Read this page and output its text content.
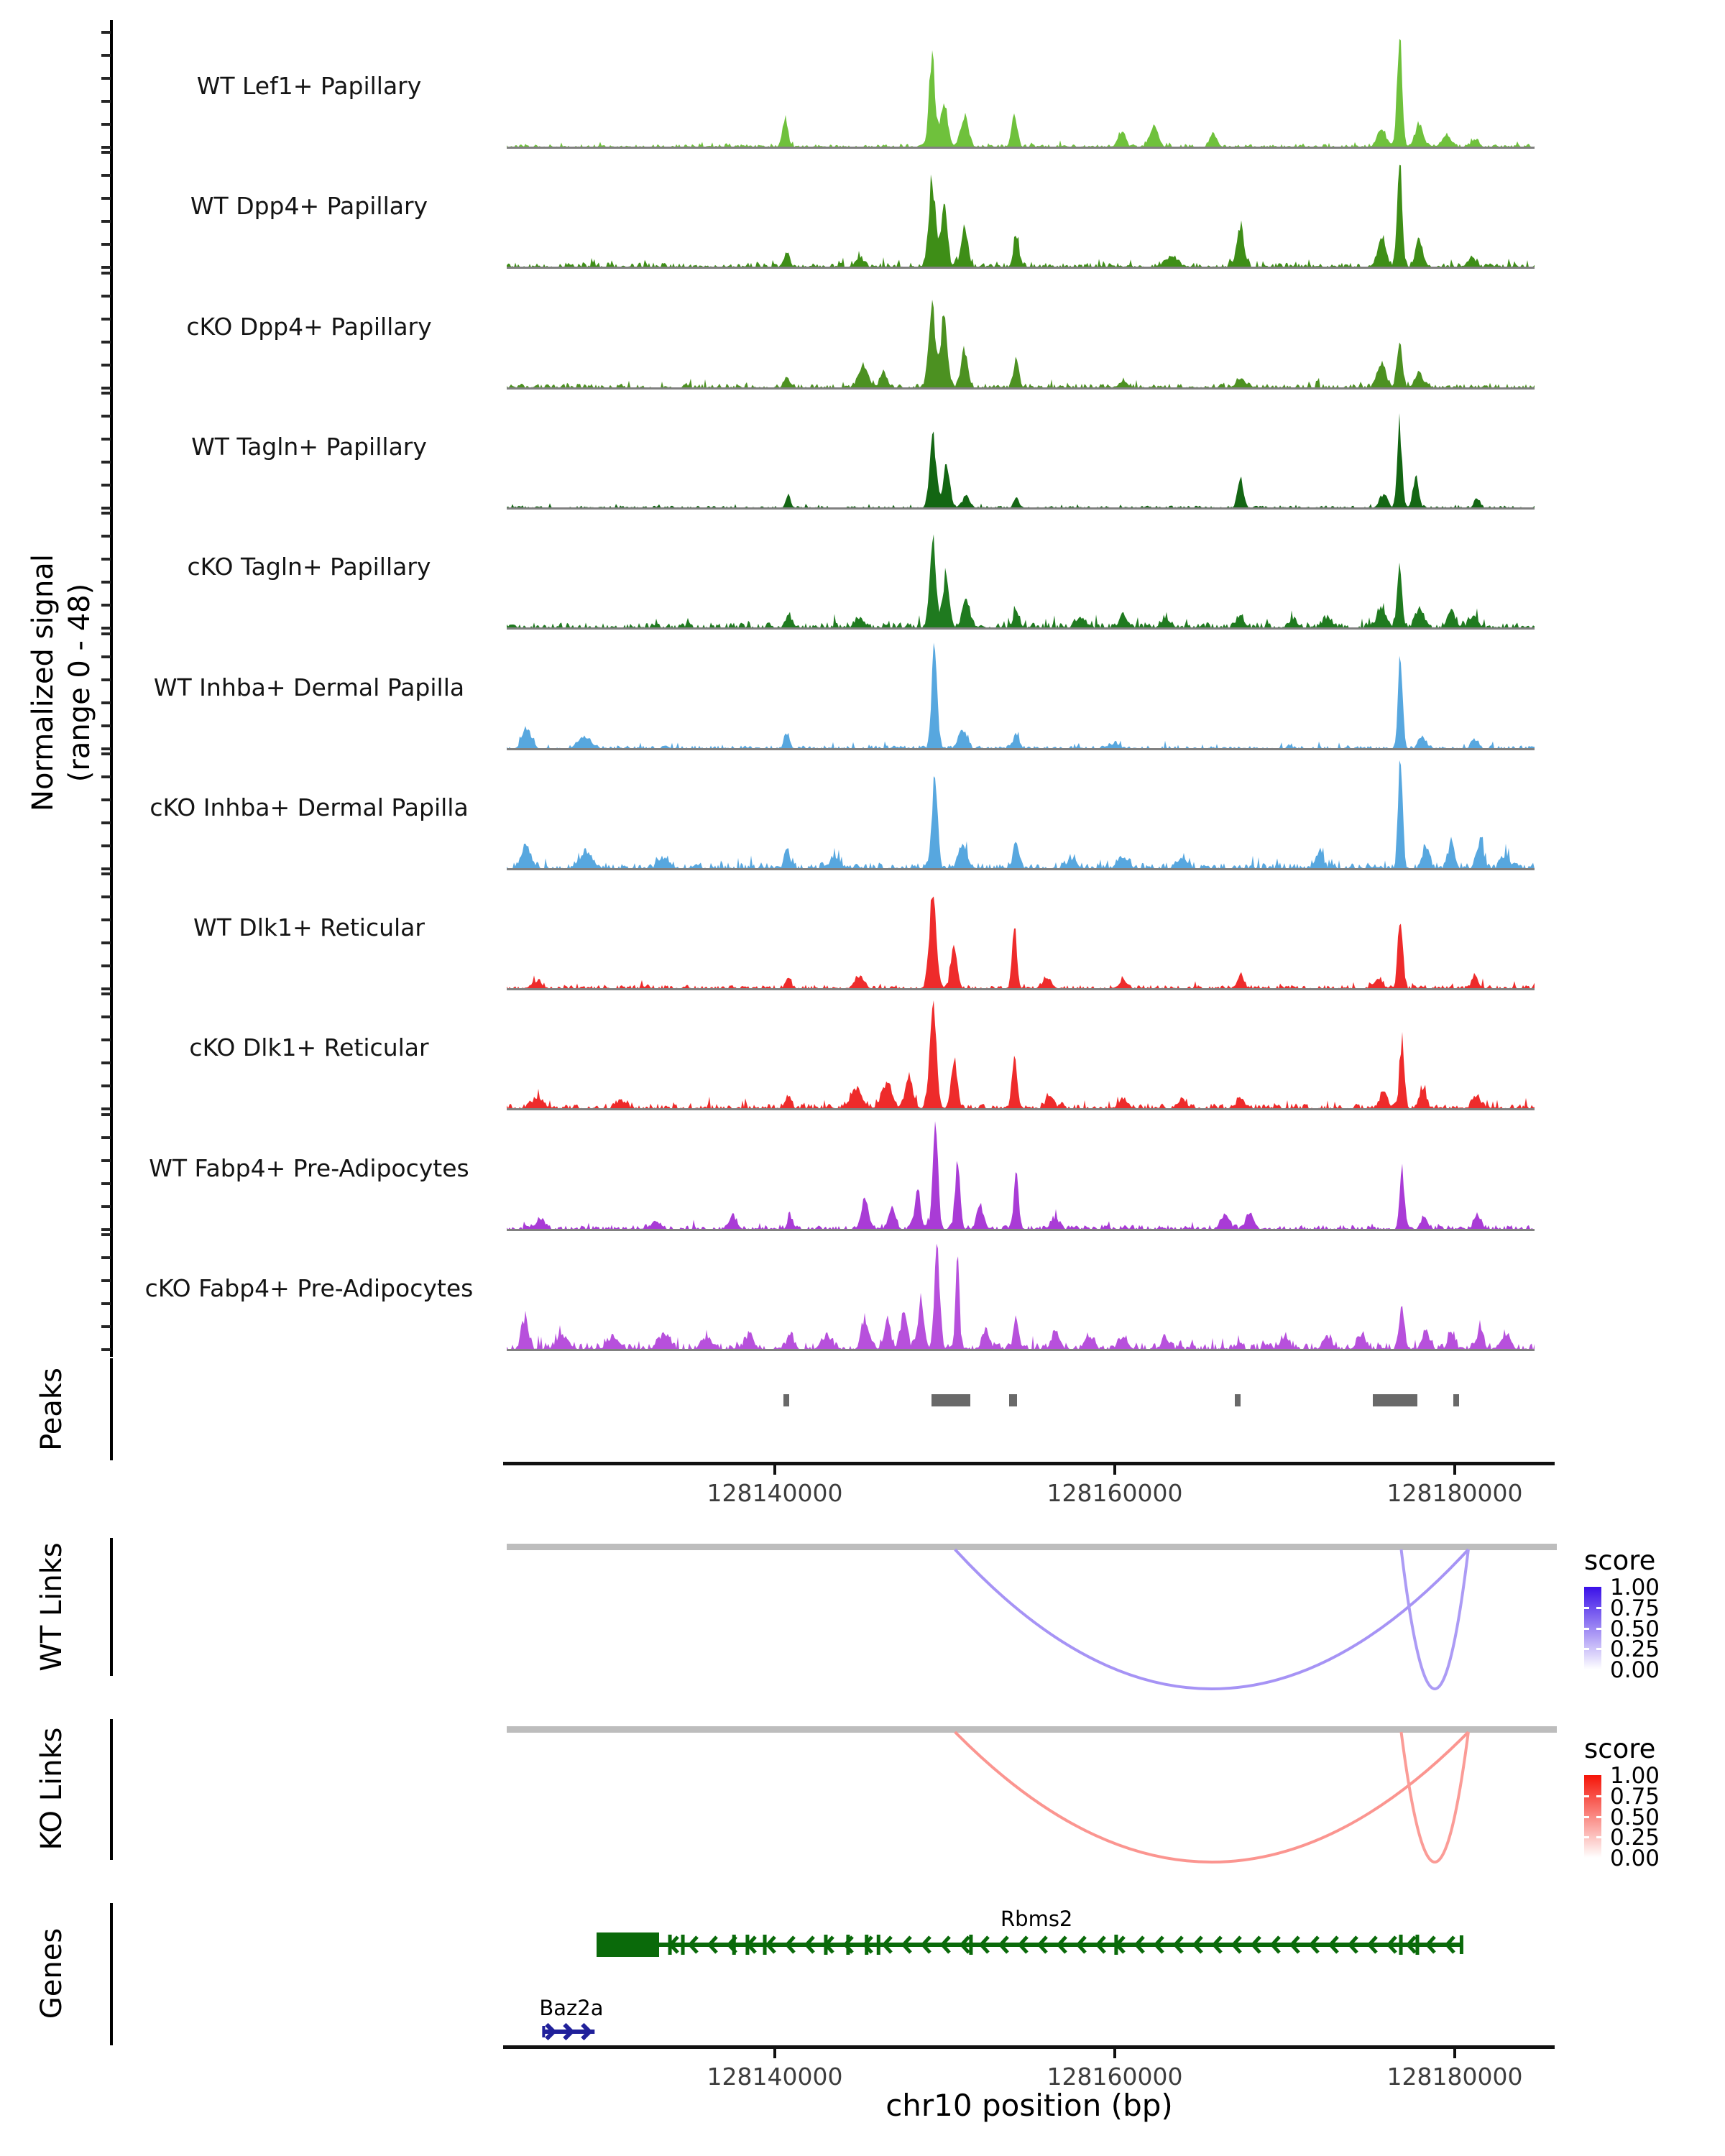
Normalized signal (range 0 - 48)
Peaks
WT Links
KO Links
Genes
WT Lef1+ Papillary
WT Dpp4+ Papillary
cKO Dpp4+ Papillary
WT Tagln+ Papillary
cKO Tagln+ Papillary
WT Inhba+ Dermal Papilla
cKO Inhba+ Dermal Papilla
WT Dlk1+ Reticular
cKO Dlk1+ Reticular
WT Fabp4+ Pre-Adipocytes
cKO Fabp4+ Pre-Adipocytes
128140000	128160000	128180000
score
1.00
0.75
0.50
0.25
0.00
score
1.00
0.75
0.50
0.25
0.00
Rbms2
Baz2a
128140000	128160000	128180000
chr10 position (bp)
